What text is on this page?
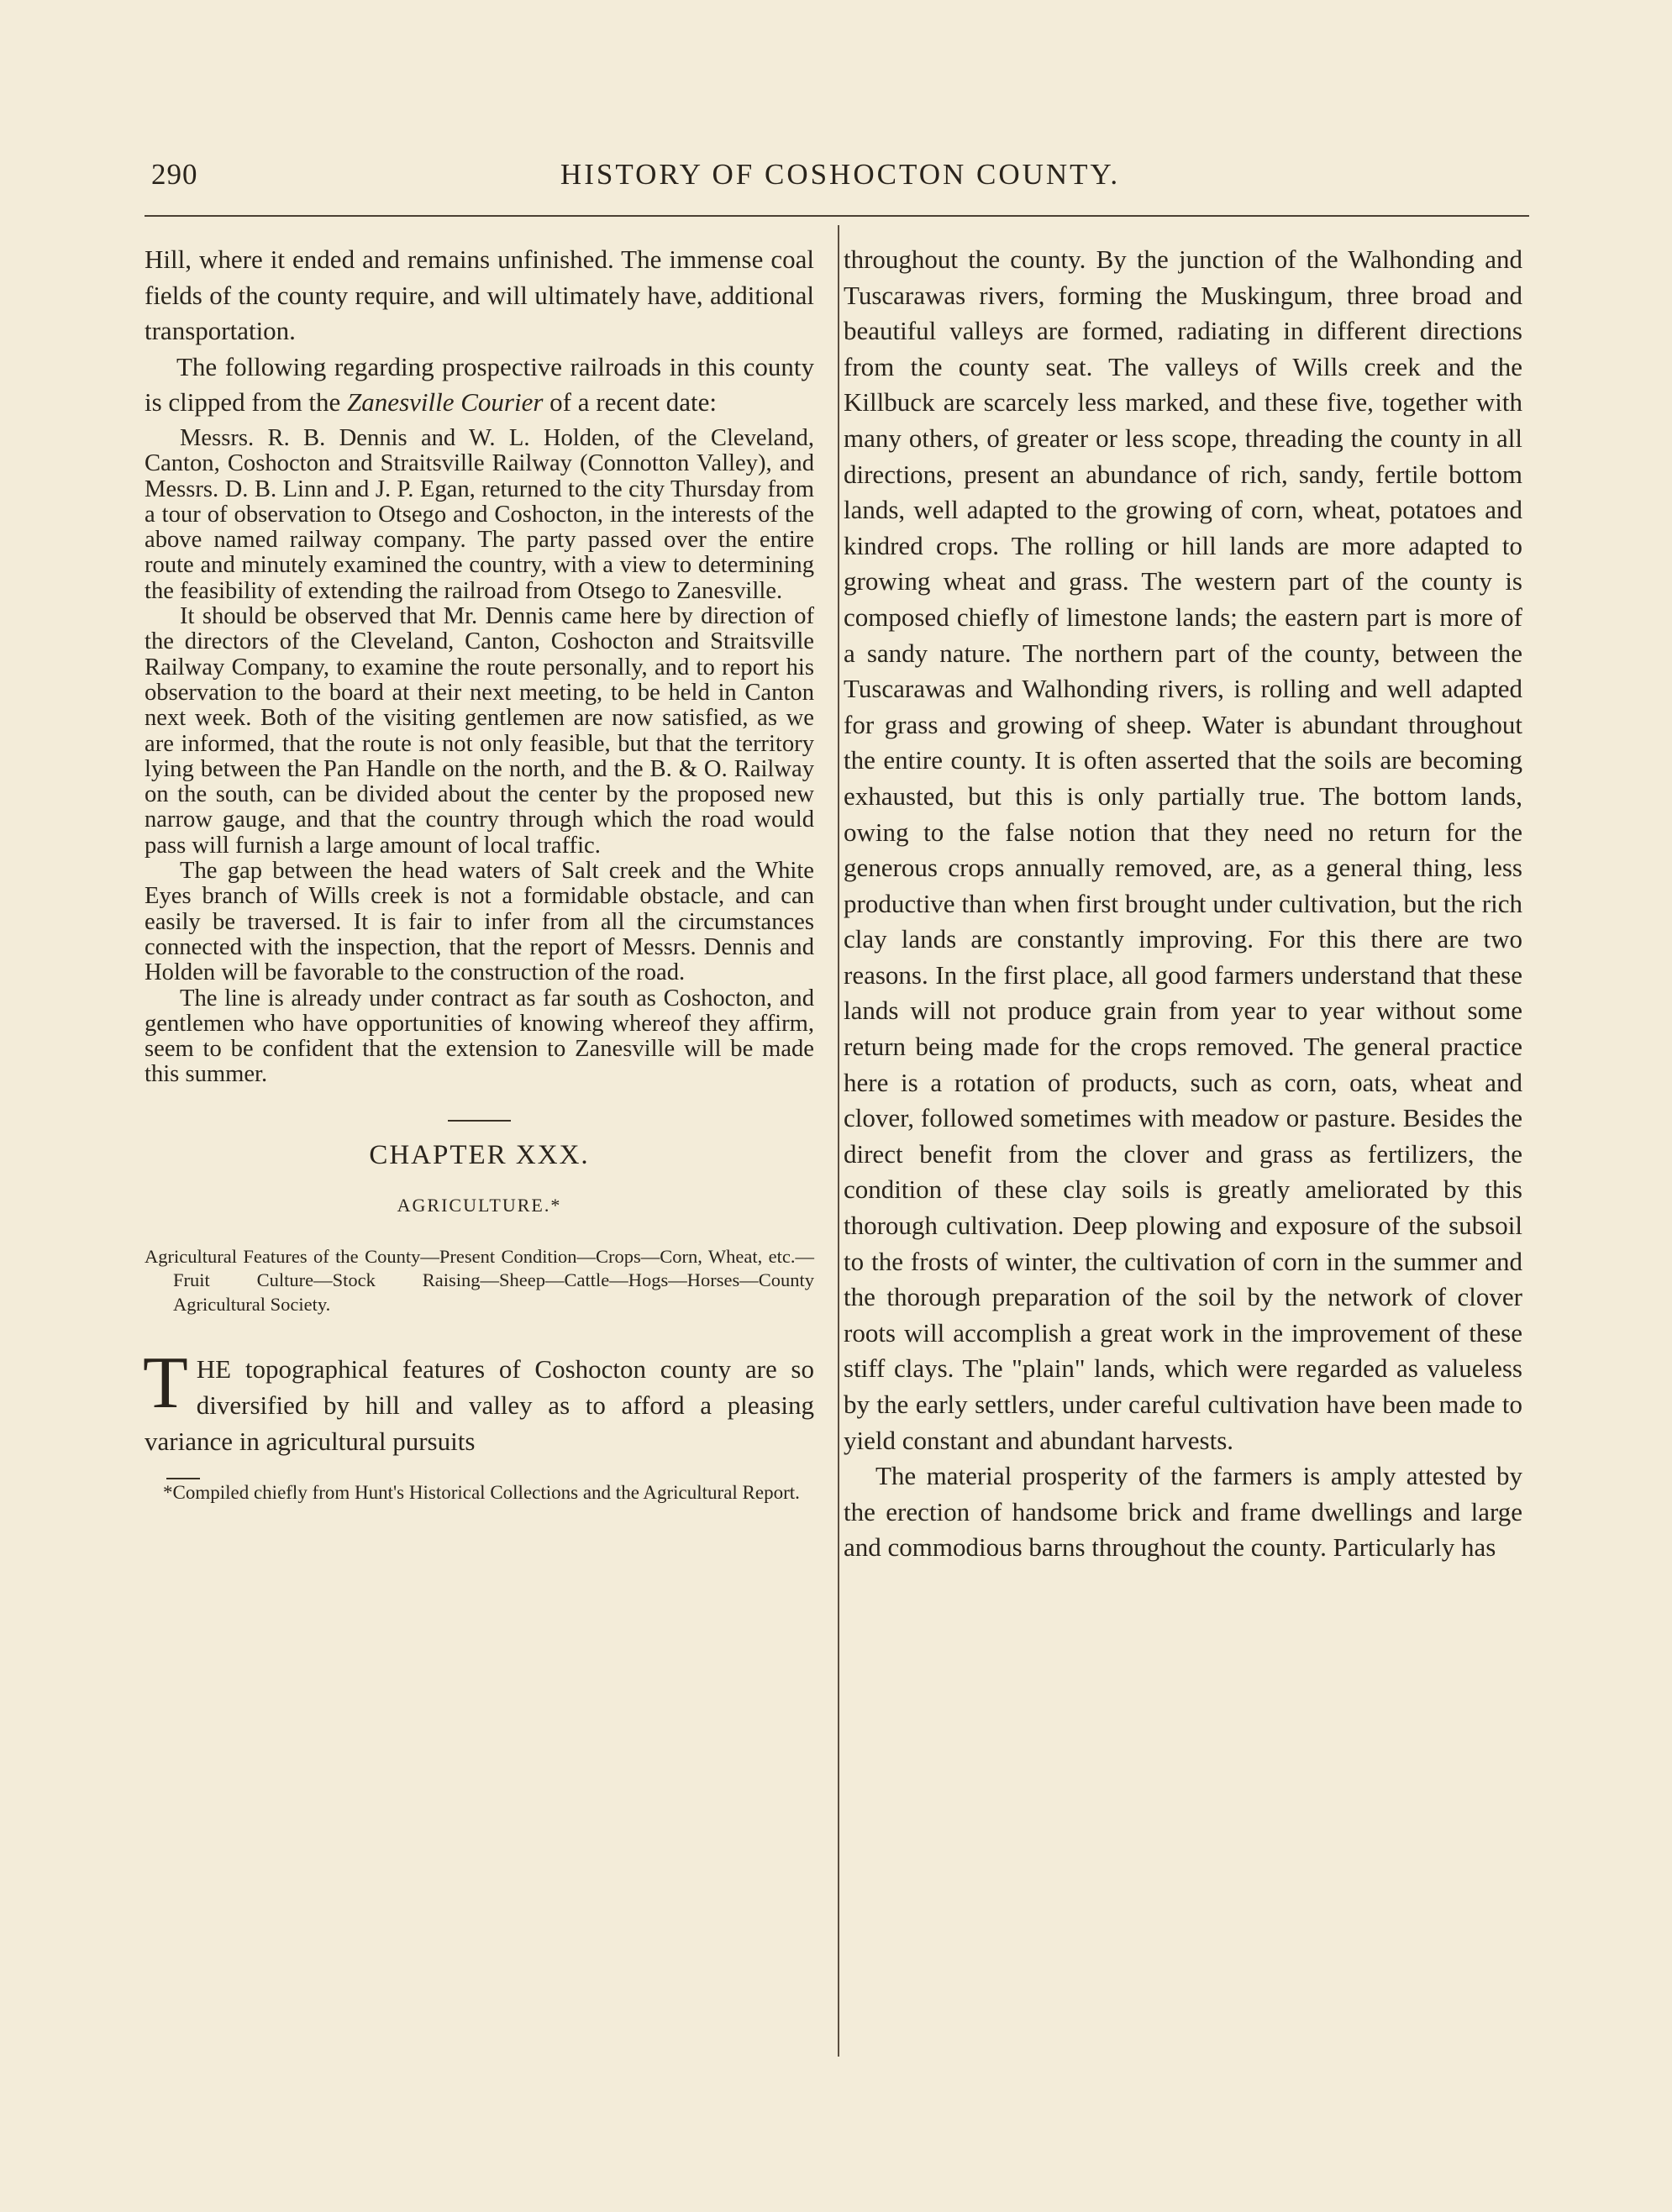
290	HISTORY OF COSHOCTON COUNTY.

Hill, where it ended and remains unfinished. The immense coal fields of the county require, and will ultimately have, additional transportation.

The following regarding prospective railroads in this county is clipped from the Zanesville Courier of a recent date:

Messrs. R. B. Dennis and W. L. Holden, of the Cleveland, Canton, Coshocton and Straitsville Railway (Connotton Valley), and Messrs. D. B. Linn and J. P. Egan, returned to the city Thursday from a tour of observation to Otsego and Coshocton, in the interests of the above named railway company. The party passed over the entire route and minutely examined the country, with a view to determining the feasibility of extending the railroad from Otsego to Zanesville.

It should be observed that Mr. Dennis came here by direction of the directors of the Cleveland, Canton, Coshocton and Straitsville Railway Company, to examine the route personally, and to report his observation to the board at their next meeting, to be held in Canton next week. Both of the visiting gentlemen are now satisfied, as we are informed, that the route is not only feasible, but that the territory lying between the Pan Handle on the north, and the B. & O. Railway on the south, can be divided about the center by the proposed new narrow gauge, and that the country through which the road would pass will furnish a large amount of local traffic.

The gap between the head waters of Salt creek and the White Eyes branch of Wills creek is not a formidable obstacle, and can easily be traversed. It is fair to infer from all the circumstances connected with the inspection, that the report of Messrs. Dennis and Holden will be favorable to the construction of the road.

The line is already under contract as far south as Coshocton, and gentlemen who have opportunities of knowing whereof they affirm, seem to be confident that the extension to Zanesville will be made this summer.

CHAPTER XXX.
AGRICULTURE.*

Agricultural Features of the County—Present Condition—Crops—Corn, Wheat, etc.—Fruit Culture—Stock Raising—Sheep—Cattle—Hogs—Horses—County Agricultural Society.

THE topographical features of Coshocton county are so diversified by hill and valley as to afford a pleasing variance in agricultural pursuits

*Compiled chiefly from Hunt's Historical Collections and the Agricultural Report.

throughout the county. By the junction of the Walhonding and Tuscarawas rivers, forming the Muskingum, three broad and beautiful valleys are formed, radiating in different directions from the county seat. The valleys of Wills creek and the Killbuck are scarcely less marked, and these five, together with many others, of greater or less scope, threading the county in all directions, present an abundance of rich, sandy, fertile bottom lands, well adapted to the growing of corn, wheat, potatoes and kindred crops. The rolling or hill lands are more adapted to growing wheat and grass. The western part of the county is composed chiefly of limestone lands; the eastern part is more of a sandy nature. The northern part of the county, between the Tuscarawas and Walhonding rivers, is rolling and well adapted for grass and growing of sheep. Water is abundant throughout the entire county. It is often asserted that the soils are becoming exhausted, but this is only partially true. The bottom lands, owing to the false notion that they need no return for the generous crops annually removed, are, as a general thing, less productive than when first brought under cultivation, but the rich clay lands are constantly improving. For this there are two reasons. In the first place, all good farmers understand that these lands will not produce grain from year to year without some return being made for the crops removed. The general practice here is a rotation of products, such as corn, oats, wheat and clover, followed sometimes with meadow or pasture. Besides the direct benefit from the clover and grass as fertilizers, the condition of these clay soils is greatly ameliorated by this thorough cultivation. Deep plowing and exposure of the subsoil to the frosts of winter, the cultivation of corn in the summer and the thorough preparation of the soil by the network of clover roots will accomplish a great work in the improvement of these stiff clays. The "plain" lands, which were regarded as valueless by the early settlers, under careful cultivation have been made to yield constant and abundant harvests.

The material prosperity of the farmers is amply attested by the erection of handsome brick and frame dwellings and large and commodious barns throughout the county. Particularly has
